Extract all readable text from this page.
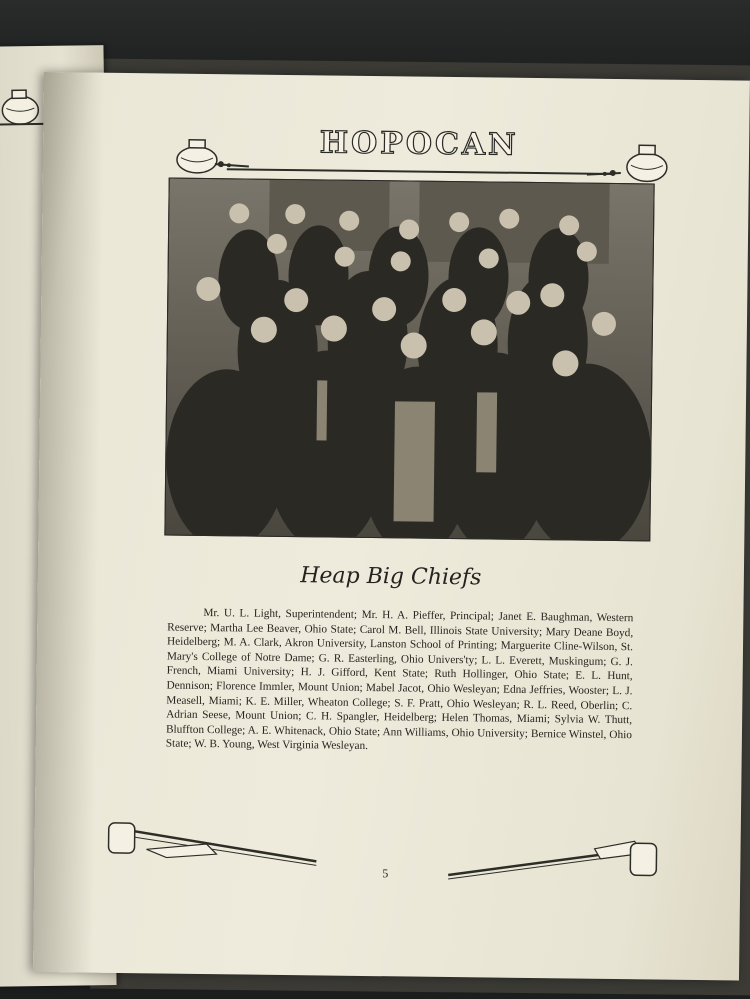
HOPOCAN
Heap Big Chiefs
Mr. U. L. Light, Superintendent; Mr. H. A. Pieffer, Principal; Janet E. Baughman, Western Reserve; Martha Lee Beaver, Ohio State; Carol M. Bell, Illinois State University; Mary Deane Boyd, Heidelberg; M. A. Clark, Akron University, Lanston School of Printing; Marguerite Cline-Wilson, St. Mary's College of Notre Dame; G. R. Easterling, Ohio Univers'ty; L. L. Everett, Muskingum; G. J. French, Miami University; H. J. Gifford, Kent State; Ruth Hollinger, Ohio State; E. L. Hunt, Dennison; Florence Immler, Mount Union; Mabel Jacot, Ohio Wesleyan; Edna Jeffries, Wooster; L. J. Measell, Miami; K. E. Miller, Wheaton College; S. F. Pratt, Ohio Wesleyan; R. L. Reed, Oberlin; C. Adrian Seese, Mount Union; C. H. Spangler, Heidelberg; Helen Thomas, Miami; Sylvia W. Thutt, Bluffton College; A. E. Whitenack, Ohio State; Ann Williams, Ohio University; Bernice Winstel, Ohio State; W. B. Young, West Virginia Wesleyan.
5
